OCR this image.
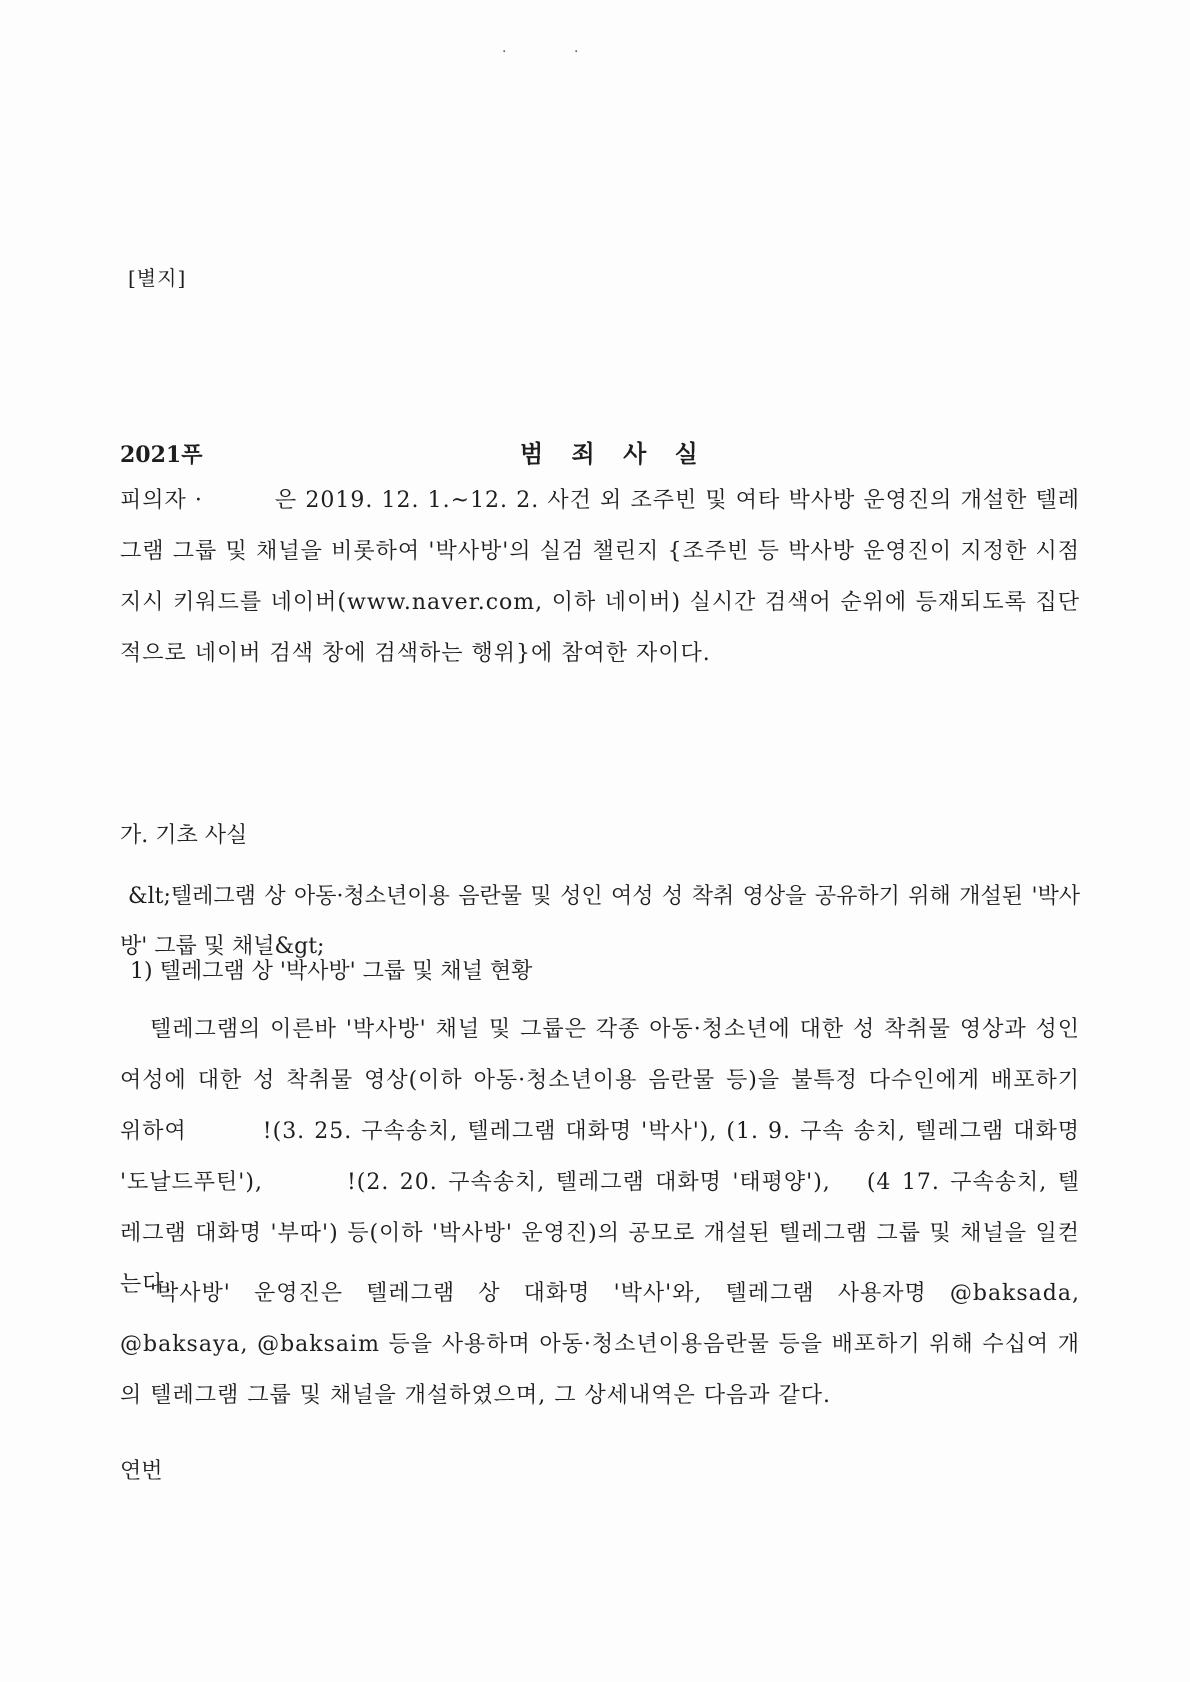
·	·
[별지]
2021푸	범 죄 사 실
피의자 ·	은 2019. 12. 1.~12. 2. 사건 외 조주빈 및 여타 박사방 운영진의 개설한 텔레그램 그룹 및 채널을 비롯하여 '박사방'의 실검 챌린지 {조주빈 등 박사방 운영진이 지정한 시점 지시 키워드를 네이버(www.naver.com, 이하 네이버) 실시간 검색어 순위에 등재되도록 집단적으로 네이버 검색 창에 검색하는 행위}에 참여한 자이다.
가. 기초 사실
&lt;텔레그램 상 아동·청소년이용 음란물 및 성인 여성 성 착취 영상을 공유하기 위해 개설된 '박사방' 그룹 및 채널&gt;
1) 텔레그램 상 '박사방' 그룹 및 채널 현황
텔레그램의 이른바 '박사방' 채널 및 그룹은 각종 아동·청소년에 대한 성 착취물 영상과 성인 여성에 대한 성 착취물 영상(이하 아동·청소년이용 음란물 등)을 불특정 다수인에게 배포하기 위하여	!(3. 25. 구속송치, 텔레그램 대화명 '박사'), (1. 9. 구속 송치, 텔레그램 대화명 '도날드푸틴'),	!(2. 20. 구속송치, 텔레그램 대화명 '태평양'), (4 17. 구속송치, 텔레그램 대화명 '부따') 등(이하 '박사방' 운영진)의 공모로 개설된 텔레그램 그룹 및 채널을 일컫는다.
'박사방' 운영진은 텔레그램 상 대화명 '박사'와, 텔레그램 사용자명 @baksada, @baksaya, @baksaim 등을 사용하며 아동·청소년이용음란물 등을 배포하기 위해 수십여 개의 텔레그램 그룹 및 채널을 개설하였으며, 그 상세내역은 다음과 같다.
연번
